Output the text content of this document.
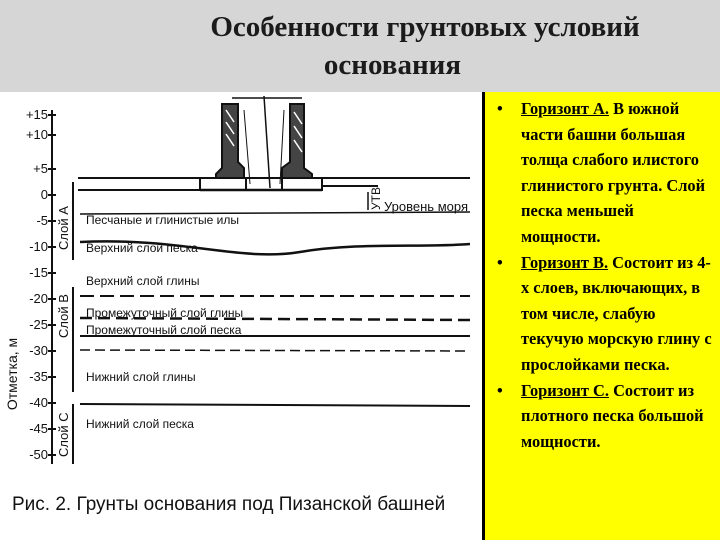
Особенности грунтовых условий
основания
Отметка, м
+15
+10
+5
0
-5
-10
-15
-20
-25
-30
-35
-40
-45
-50
Слой А
Слой В
Слой С
Песчаные и глинистые илы
Верхний слой песка
Верхний слой глины
Промежуточный слой глины
Промежуточный слой песка
Нижний слой глины
Нижний слой песка
Уровень моря
УТВ
Рис. 2. Грунты основания под Пизанской башней
• Горизонт А. В южной части башни большая толща слабого илистого глинистого грунта. Слой песка меньшей мощности.
• Горизонт В. Состоит из 4-х слоев, включающих, в том числе, слабую текучую морскую глину с прослойками песка.
• Горизонт С. Состоит из плотного песка большой мощности.
